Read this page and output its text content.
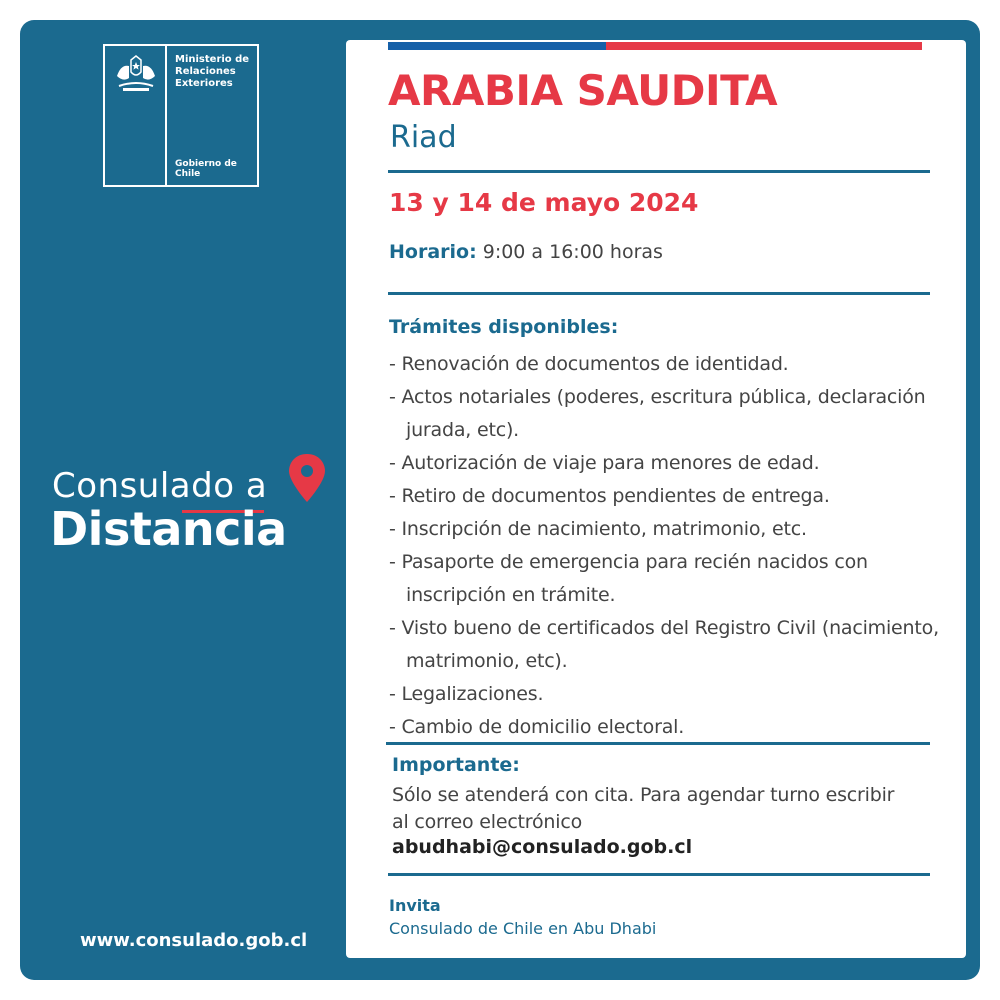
Ministerio de
Relaciones
Exteriores
Gobierno de Chile
Consulado a
Distancia
www.consulado.gob.cl
ARABIA SAUDITA
Riad
13 y 14 de mayo 2024
Horario: 9:00 a 16:00 horas
Trámites disponibles:
- Renovación de documentos de identidad.
- Actos notariales (poderes, escritura pública, declaración jurada, etc).
- Autorización de viaje para menores de edad.
- Retiro de documentos pendientes de entrega.
- Inscripción de nacimiento, matrimonio, etc.
- Pasaporte de emergencia para recién nacidos con inscripción en trámite.
- Visto bueno de certificados del Registro Civil (nacimiento, matrimonio, etc).
- Legalizaciones.
- Cambio de domicilio electoral.
Importante:
Sólo se atenderá con cita. Para agendar turno escribir al correo electrónico
abudhabi@consulado.gob.cl
Invita
Consulado de Chile en Abu Dhabi
